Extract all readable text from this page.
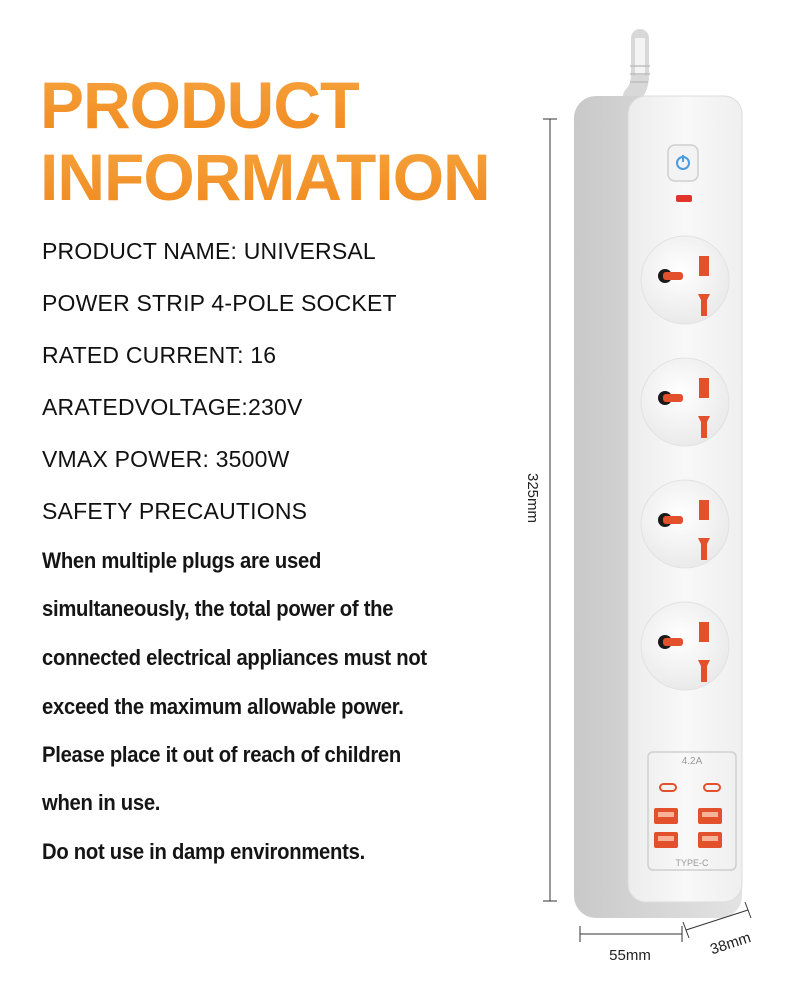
PRODUCT
INFORMATION
PRODUCT NAME: UNIVERSAL
POWER STRIP 4-POLE SOCKET
RATED CURRENT: 16
ARATEDVOLTAGE:230V
VMAX POWER: 3500W
SAFETY PRECAUTIONS
When multiple plugs are used
simultaneously, the total power of the
connected electrical appliances must not
exceed the maximum allowable power.
Please place it out of reach of children
when in use.
Do not use in damp environments.
4.2A
TYPE-C
325mm
55mm	38mm
